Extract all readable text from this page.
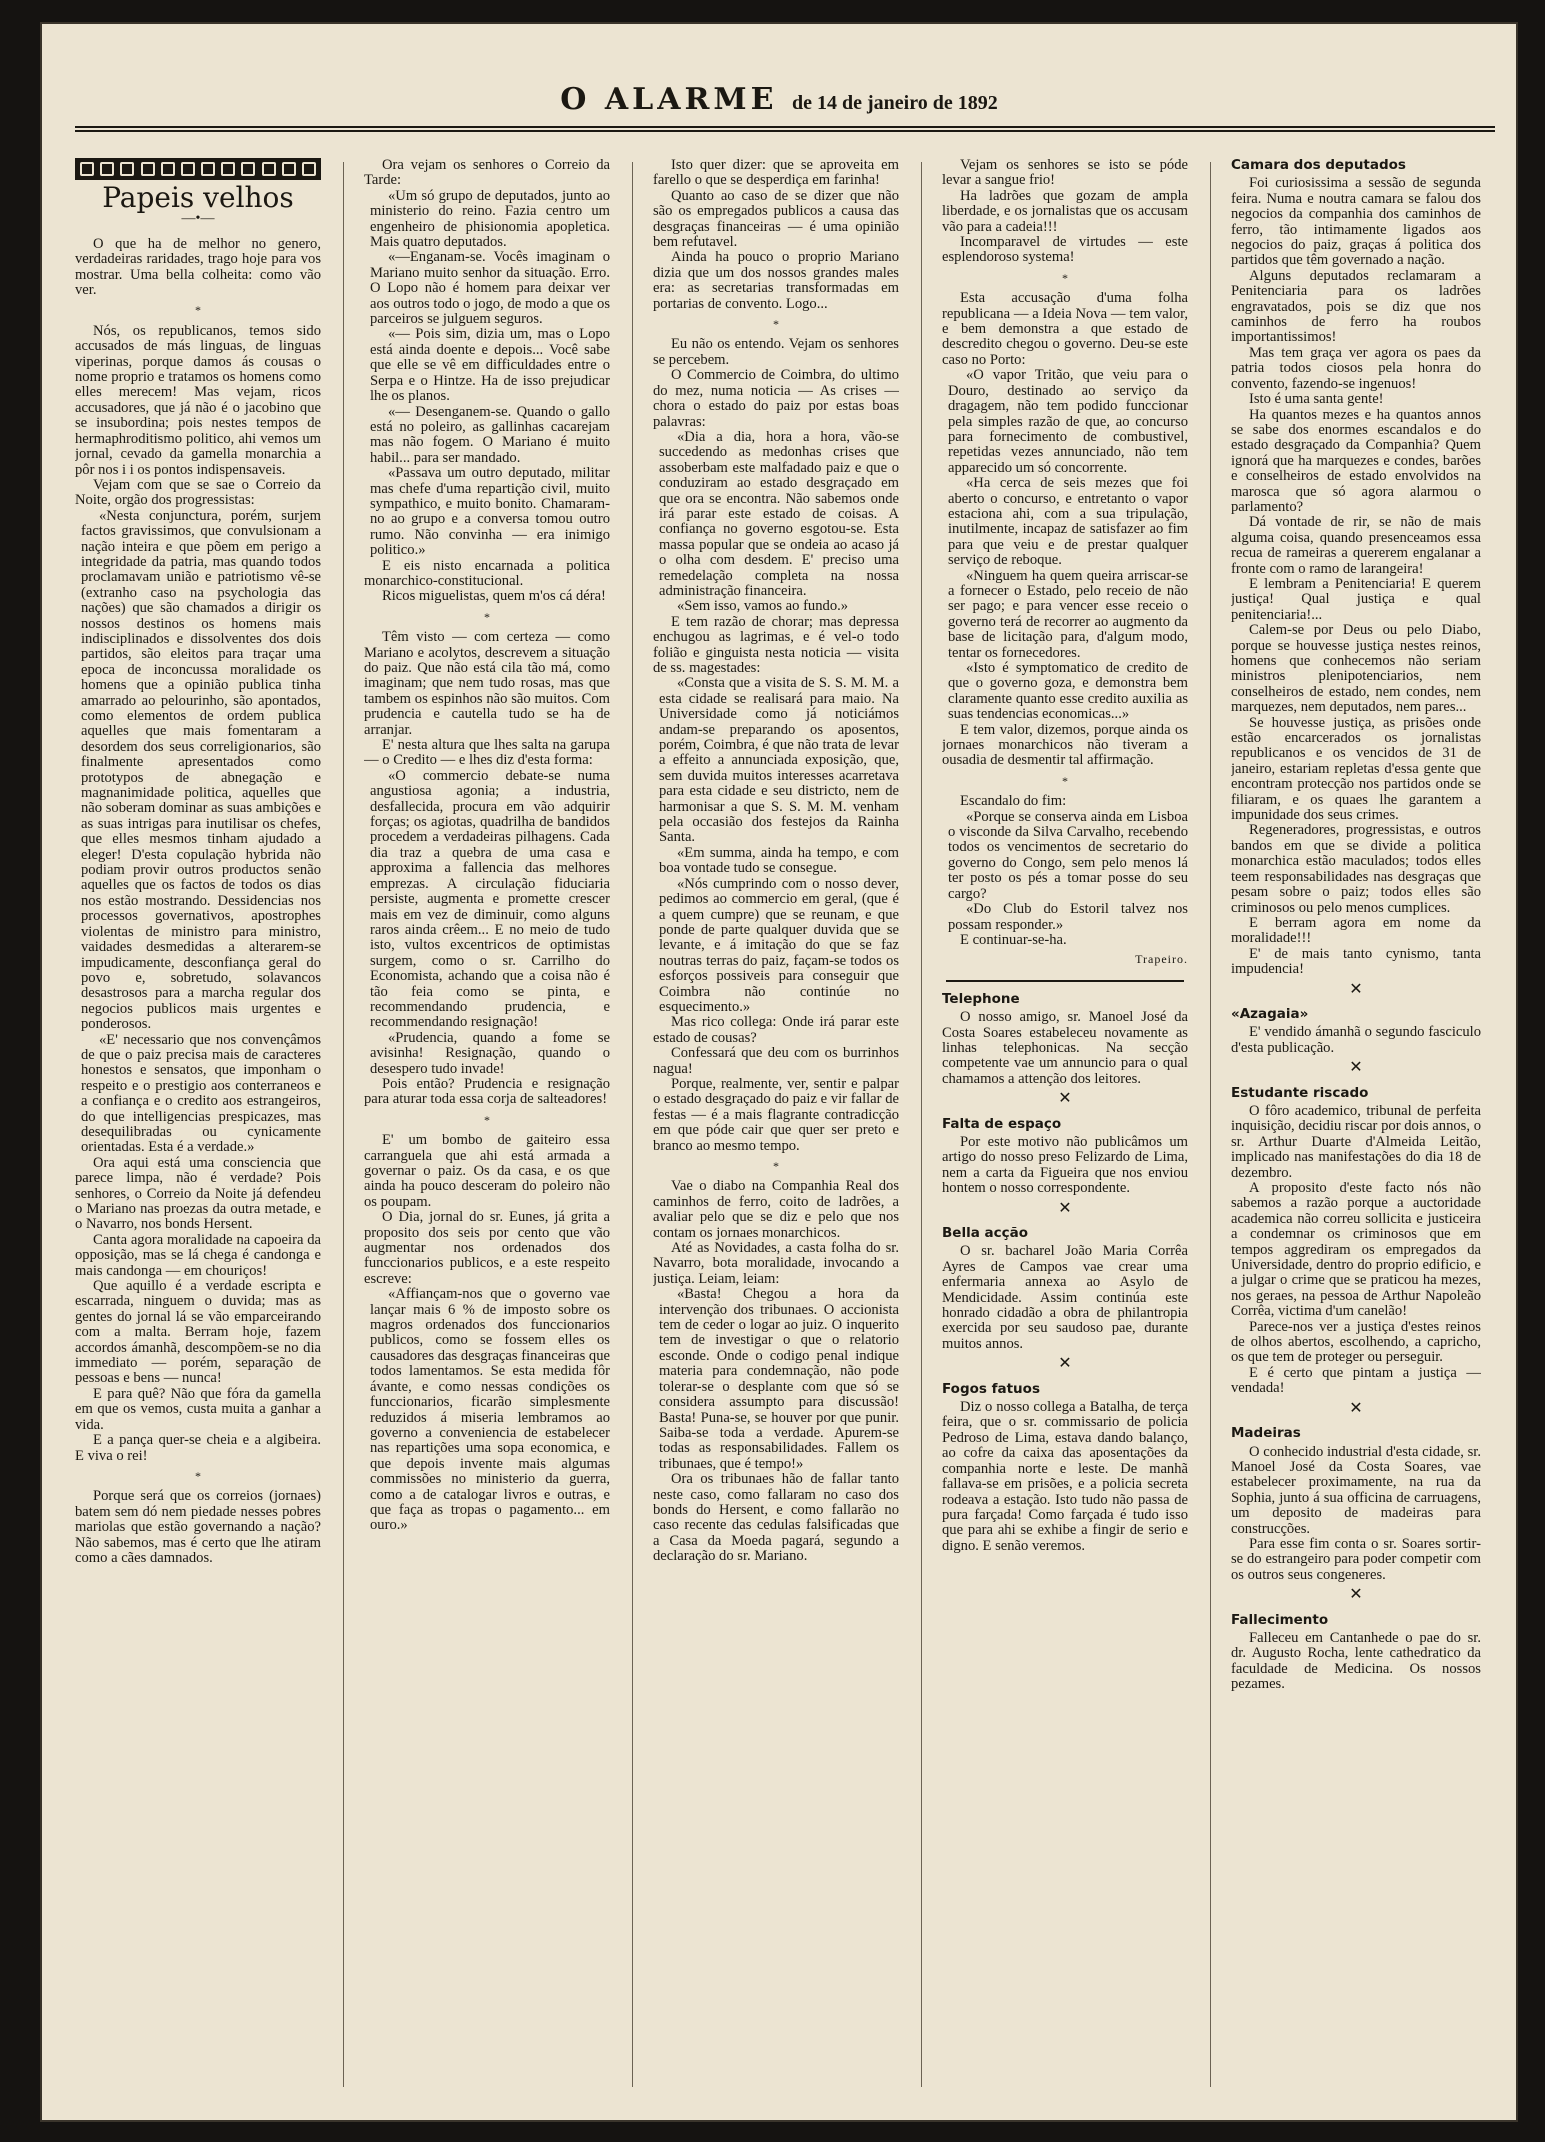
O ALARME de 14 de janeiro de 1892
Papeis velhos
—•—

O que ha de melhor no genero, verdadeiras raridades, trago hoje para vos mostrar. Uma bella colheita: como vão ver.

*

Nós, os republicanos, temos sido accusados de más linguas, de linguas viperinas, porque damos ás cousas o nome proprio e tratamos os homens como elles merecem! Mas vejam, ricos accusadores, que já não é o jacobino que se insubordina; pois nestes tempos de hermaphroditismo politico, ahi vemos um jornal, cevado da gamella monarchia a pôr nos i i os pontos indispensaveis.

Vejam com que se sae o Correio da Noite, orgão dos progressistas:

«Nesta conjunctura, porém, surjem factos gravissimos, que convulsionam a nação inteira e que põem em perigo a integridade da patria, mas quando todos proclamavam união e patriotismo vê-se (extranho caso na psychologia das nações) que são chamados a dirigir os nossos destinos os homens mais indisciplinados e dissolventes dos dois partidos, são eleitos para traçar uma epoca de inconcussa moralidade os homens que a opinião publica tinha amarrado ao pelourinho, são apontados, como elementos de ordem publica aquelles que mais fomentaram a desordem dos seus correligionarios, são finalmente apresentados como prototypos de abnegação e magnanimidade politica, aquelles que não soberam dominar as suas ambições e as suas intrigas para inutilisar os chefes, que elles mesmos tinham ajudado a eleger! D'esta copulação hybrida não podiam provir outros productos senão aquelles que os factos de todos os dias nos estão mostrando. Dessidencias nos processos governativos, apostrophes violentas de ministro para ministro, vaidades desmedidas a alterarem-se impudicamente, desconfiança geral do povo e, sobretudo, solavancos desastrosos para a marcha regular dos negocios publicos mais urgentes e ponderosos.

«E' necessario que nos convençâmos de que o paiz precisa mais de caracteres honestos e sensatos, que imponham o respeito e o prestigio aos conterraneos e a confiança e o credito aos estrangeiros, do que intelligencias prespicazes, mas desequilibradas ou cynicamente orientadas. Esta é a verdade.»

Ora aqui está uma consciencia que parece limpa, não é verdade? Pois senhores, o Correio da Noite já defendeu o Mariano nas proezas da outra metade, e o Navarro, nos bonds Hersent.

Canta agora moralidade na capoeira da opposição, mas se lá chega é candonga e mais candonga — em chouriços!

Que aquillo é a verdade escripta e escarrada, ninguem o duvida; mas as gentes do jornal lá se vão emparceirando com a malta. Berram hoje, fazem accordos ámanhã, descompõem-se no dia immediato — porém, separação de pessoas e bens — nunca!

E para quê? Não que fóra da gamella em que os vemos, custa muita a ganhar a vida.

E a pança quer-se cheia e a algibeira. E viva o rei!

*

Porque será que os correios (jornaes) batem sem dó nem piedade nesses pobres mariolas que estão governando a nação? Não sabemos, mas é certo que lhe atiram como a cães damnados.

Ora vejam os senhores o Correio da Tarde:

«Um só grupo de deputados, junto ao ministerio do reino. Fazia centro um engenheiro de phisionomia apopletica. Mais quatro deputados.

«—Enganam-se. Vocês imaginam o Mariano muito senhor da situação. Erro. O Lopo não é homem para deixar ver aos outros todo o jogo, de modo a que os parceiros se julguem seguros.

«— Pois sim, dizia um, mas o Lopo está ainda doente e depois... Você sabe que elle se vê em difficuldades entre o Serpa e o Hintze. Ha de isso prejudicar lhe os planos.

«— Desenganem-se. Quando o gallo está no poleiro, as gallinhas cacarejam mas não fogem. O Mariano é muito habil... para ser mandado.

«Passava um outro deputado, militar mas chefe d'uma repartição civil, muito sympathico, e muito bonito. Chamaram-no ao grupo e a conversa tomou outro rumo. Não convinha — era inimigo politico.»

E eis nisto encarnada a politica monarchico-constitucional.

Ricos miguelistas, quem m'os cá déra!

*

Têm visto — com certeza — como Mariano e acolytos, descrevem a situação do paiz. Que não está cila tão má, como imaginam; que nem tudo rosas, mas que tambem os espinhos não são muitos. Com prudencia e cautella tudo se ha de arranjar.

E' nesta altura que lhes salta na garupa — o Credito — e lhes diz d'esta forma:

«O commercio debate-se numa angustiosa agonia; a industria, desfallecida, procura em vão adquirir forças; os agiotas, quadrilha de bandidos procedem a verdadeiras pilhagens. Cada dia traz a quebra de uma casa e approxima a fallencia das melhores emprezas. A circulação fiduciaria persiste, augmenta e promette crescer mais em vez de diminuir, como alguns raros ainda crêem... E no meio de tudo isto, vultos excentricos de optimistas surgem, como o sr. Carrilho do Economista, achando que a coisa não é tão feia como se pinta, e recommendando prudencia, e recommendando resignação!

«Prudencia, quando a fome se avisinha! Resignação, quando o desespero tudo invade!

Pois então? Prudencia e resignação para aturar toda essa corja de salteadores!

*

E' um bombo de gaiteiro essa carranguela que ahi está armada a governar o paiz. Os da casa, e os que ainda ha pouco desceram do poleiro não os poupam.

O Dia, jornal do sr. Eunes, já grita a proposito dos seis por cento que vão augmentar nos ordenados dos funccionarios publicos, e a este respeito escreve:

«Affiançam-nos que o governo vae lançar mais 6 % de imposto sobre os magros ordenados dos funccionarios publicos, como se fossem elles os causadores das desgraças financeiras que todos lamentamos. Se esta medida fôr ávante, e como nessas condições os funccionarios, ficarão simplesmente reduzidos á miseria lembramos ao governo a conveniencia de estabelecer nas repartições uma sopa economica, e que depois invente mais algumas commissões no ministerio da guerra, como a de catalogar livros e outras, e que faça as tropas o pagamento... em ouro.»

Isto quer dizer: que se aproveita em farello o que se desperdiça em farinha!

Quanto ao caso de se dizer que não são os empregados publicos a causa das desgraças financeiras — é uma opinião bem refutavel.

Ainda ha pouco o proprio Mariano dizia que um dos nossos grandes males era: as secretarias transformadas em portarias de convento. Logo...

*

Eu não os entendo. Vejam os senhores se percebem.

O Commercio de Coimbra, do ultimo do mez, numa noticia — As crises — chora o estado do paiz por estas boas palavras:

«Dia a dia, hora a hora, vão-se succedendo as medonhas crises que assoberbam este malfadado paiz e que o conduziram ao estado desgraçado em que ora se encontra. Não sabemos onde irá parar este estado de coisas. A confiança no governo esgotou-se. Esta massa popular que se ondeia ao acaso já o olha com desdem. E' preciso uma remedelação completa na nossa administração financeira.

«Sem isso, vamos ao fundo.»

E tem razão de chorar; mas depressa enchugou as lagrimas, e é vel-o todo folião e ginguista nesta noticia — visita de ss. magestades:

«Consta que a visita de S. S. M. M. a esta cidade se realisará para maio. Na Universidade como já noticiámos andam-se preparando os aposentos, porém, Coimbra, é que não trata de levar a effeito a annunciada exposição, que, sem duvida muitos interesses acarretava para esta cidade e seu districto, nem de harmonisar a que S. S. M. M. venham pela occasião dos festejos da Rainha Santa.

«Em summa, ainda ha tempo, e com boa vontade tudo se consegue.

«Nós cumprindo com o nosso dever, pedimos ao commercio em geral, (que é a quem cumpre) que se reunam, e que ponde de parte qualquer duvida que se levante, e á imitação do que se faz noutras terras do paiz, façam-se todos os esforços possiveis para conseguir que Coimbra não continúe no esquecimento.»

Mas rico collega: Onde irá parar este estado de cousas?

Confessará que deu com os burrinhos nagua!

Porque, realmente, ver, sentir e palpar o estado desgraçado do paiz e vir fallar de festas — é a mais flagrante contradicção em que póde cair que quer ser preto e branco ao mesmo tempo.

*

Vae o diabo na Companhia Real dos caminhos de ferro, coito de ladrões, a avaliar pelo que se diz e pelo que nos contam os jornaes monarchicos.

Até as Novidades, a casta folha do sr. Navarro, bota moralidade, invocando a justiça. Leiam, leiam:

«Basta! Chegou a hora da intervenção dos tribunaes. O accionista tem de ceder o logar ao juiz. O inquerito tem de investigar o que o relatorio esconde. Onde o codigo penal indique materia para condemnação, não pode tolerar-se o desplante com que só se considera assumpto para discussão! Basta! Puna-se, se houver por que punir. Saiba-se toda a verdade. Apurem-se todas as responsabilidades. Fallem os tribunaes, que é tempo!»

Ora os tribunaes hão de fallar tanto neste caso, como fallaram no caso dos bonds do Hersent, e como fallarão no caso recente das cedulas falsificadas que a Casa da Moeda pagará, segundo a declaração do sr. Mariano.

Vejam os senhores se isto se póde levar a sangue frio!

Ha ladrões que gozam de ampla liberdade, e os jornalistas que os accusam vão para a cadeia!!!

Incomparavel de virtudes — este esplendoroso systema!

*

Esta accusação d'uma folha republicana — a Ideia Nova — tem valor, e bem demonstra a que estado de descredito chegou o governo. Deu-se este caso no Porto:

«O vapor Tritão, que veiu para o Douro, destinado ao serviço da dragagem, não tem podido funccionar pela simples razão de que, ao concurso para fornecimento de combustivel, repetidas vezes annunciado, não tem apparecido um só concorrente.

«Ha cerca de seis mezes que foi aberto o concurso, e entretanto o vapor estaciona ahi, com a sua tripulação, inutilmente, incapaz de satisfazer ao fim para que veiu e de prestar qualquer serviço de reboque.

«Ninguem ha quem queira arriscar-se a fornecer o Estado, pelo receio de não ser pago; e para vencer esse receio o governo terá de recorrer ao augmento da base de licitação para, d'algum modo, tentar os fornecedores.

«Isto é symptomatico de credito de que o governo goza, e demonstra bem claramente quanto esse credito auxilia as suas tendencias economicas...»

E tem valor, dizemos, porque ainda os jornaes monarchicos não tiveram a ousadia de desmentir tal affirmação.

*

Escandalo do fim:

«Porque se conserva ainda em Lisboa o visconde da Silva Carvalho, recebendo todos os vencimentos de secretario do governo do Congo, sem pelo menos lá ter posto os pés a tomar posse do seu cargo?

«Do Club do Estoril talvez nos possam responder.»

E continuar-se-ha.

Trapeiro.
Telephone

O nosso amigo, sr. Manoel José da Costa Soares estabeleceu novamente as linhas telephonicas. Na secção competente vae um annuncio para o qual chamamos a attenção dos leitores.

✕
Falta de espaço

Por este motivo não publicâmos um artigo do nosso preso Felizardo de Lima, nem a carta da Figueira que nos enviou hontem o nosso correspondente.

✕
Bella acção

O sr. bacharel João Maria Corrêa Ayres de Campos vae crear uma enfermaria annexa ao Asylo de Mendicidade. Assim continúa este honrado cidadão a obra de philantropia exercida por seu saudoso pae, durante muitos annos.

✕
Fogos fatuos

Diz o nosso collega a Batalha, de terça feira, que o sr. commissario de policia Pedroso de Lima, estava dando balanço, ao cofre da caixa das aposentações da companhia norte e leste. De manhã fallava-se em prisões, e a policia secreta rodeava a estação. Isto tudo não passa de pura farçada! Como farçada é tudo isso que para ahi se exhibe a fingir de serio e digno. E senão veremos.

Camara dos deputados

Foi curiosissima a sessão de segunda feira. Numa e noutra camara se falou dos negocios da companhia dos caminhos de ferro, tão intimamente ligados aos negocios do paiz, graças á politica dos partidos que têm governado a nação.

Alguns deputados reclamaram a Penitenciaria para os ladrões engravatados, pois se diz que nos caminhos de ferro ha roubos importantissimos!

Mas tem graça ver agora os paes da patria todos ciosos pela honra do convento, fazendo-se ingenuos!

Isto é uma santa gente!

Ha quantos mezes e ha quantos annos se sabe dos enormes escandalos e do estado desgraçado da Companhia? Quem ignorá que ha marquezes e condes, barões e conselheiros de estado envolvidos na marosca que só agora alarmou o parlamento?

Dá vontade de rir, se não de mais alguma coisa, quando presenceamos essa recua de rameiras a quererem engalanar a fronte com o ramo de larangeira!

E lembram a Penitenciaria! E querem justiça! Qual justiça e qual penitenciaria!...

Calem-se por Deus ou pelo Diabo, porque se houvesse justiça nestes reinos, homens que conhecemos não seriam ministros plenipotenciarios, nem conselheiros de estado, nem condes, nem marquezes, nem deputados, nem pares...

Se houvesse justiça, as prisões onde estão encarcerados os jornalistas republicanos e os vencidos de 31 de janeiro, estariam repletas d'essa gente que encontram protecção nos partidos onde se filiaram, e os quaes lhe garantem a impunidade dos seus crimes.

Regeneradores, progressistas, e outros bandos em que se divide a politica monarchica estão maculados; todos elles teem responsabilidades nas desgraças que pesam sobre o paiz; todos elles são criminosos ou pelo menos cumplices.

E berram agora em nome da moralidade!!!

E' de mais tanto cynismo, tanta impudencia!

✕
«Azagaia»

E' vendido ámanhã o segundo fasciculo d'esta publicação.

✕
Estudante riscado

O fôro academico, tribunal de perfeita inquisição, decidiu riscar por dois annos, o sr. Arthur Duarte d'Almeida Leitão, implicado nas manifestações do dia 18 de dezembro.

A proposito d'este facto nós não sabemos a razão porque a auctoridade academica não correu sollicita e justiceira a condemnar os criminosos que em tempos aggrediram os empregados da Universidade, dentro do proprio edificio, e a julgar o crime que se praticou ha mezes, nos geraes, na pessoa de Arthur Napoleão Corrêa, victima d'um canelão!

Parece-nos ver a justiça d'estes reinos de olhos abertos, escolhendo, a capricho, os que tem de proteger ou perseguir.

E é certo que pintam a justiça —vendada!

✕
Madeiras

O conhecido industrial d'esta cidade, sr. Manoel José da Costa Soares, vae estabelecer proximamente, na rua da Sophia, junto á sua officina de carruagens, um deposito de madeiras para construcções.

Para esse fim conta o sr. Soares sortir-se do estrangeiro para poder competir com os outros seus congeneres.

✕
Fallecimento

Falleceu em Cantanhede o pae do sr. dr. Augusto Rocha, lente cathedratico da faculdade de Medicina. Os nossos pezames.
